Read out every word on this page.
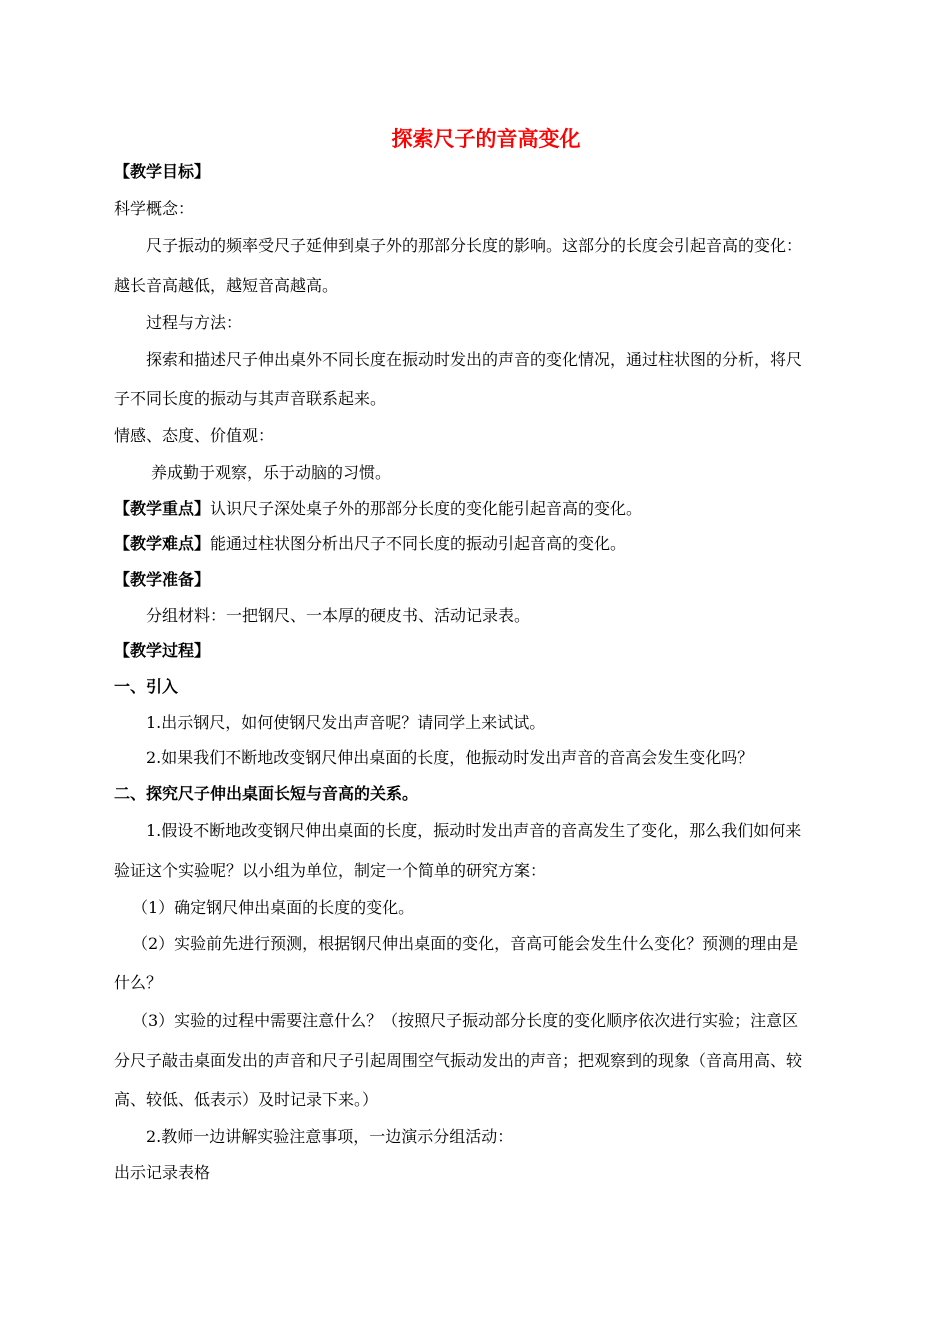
探索尺子的音高变化
【教学目标】
科学概念：
尺子振动的频率受尺子延伸到桌子外的那部分长度的影响。这部分的长度会引起音高的变化：
越长音高越低，越短音高越高。
过程与方法：
探索和描述尺子伸出桌外不同长度在振动时发出的声音的变化情况，通过柱状图的分析，将尺
子不同长度的振动与其声音联系起来。
情感、态度、价值观：
养成勤于观察，乐于动脑的习惯。
【教学重点】认识尺子深处桌子外的那部分长度的变化能引起音高的变化。
【教学难点】能通过柱状图分析出尺子不同长度的振动引起音高的变化。
【教学准备】
分组材料：一把钢尺、一本厚的硬皮书、活动记录表。
【教学过程】
一、引入
1.出示钢尺，如何使钢尺发出声音呢？请同学上来试试。
2.如果我们不断地改变钢尺伸出桌面的长度，他振动时发出声音的音高会发生变化吗？
二、探究尺子伸出桌面长短与音高的关系。
1.假设不断地改变钢尺伸出桌面的长度，振动时发出声音的音高发生了变化，那么我们如何来
验证这个实验呢？以小组为单位，制定一个简单的研究方案：
（1）确定钢尺伸出桌面的长度的变化。
（2）实验前先进行预测，根据钢尺伸出桌面的变化，音高可能会发生什么变化？预测的理由是
什么？
（3）实验的过程中需要注意什么？（按照尺子振动部分长度的变化顺序依次进行实验；注意区
分尺子敲击桌面发出的声音和尺子引起周围空气振动发出的声音；把观察到的现象（音高用高、较
高、较低、低表示）及时记录下来。）
2.教师一边讲解实验注意事项，一边演示分组活动：
出示记录表格
